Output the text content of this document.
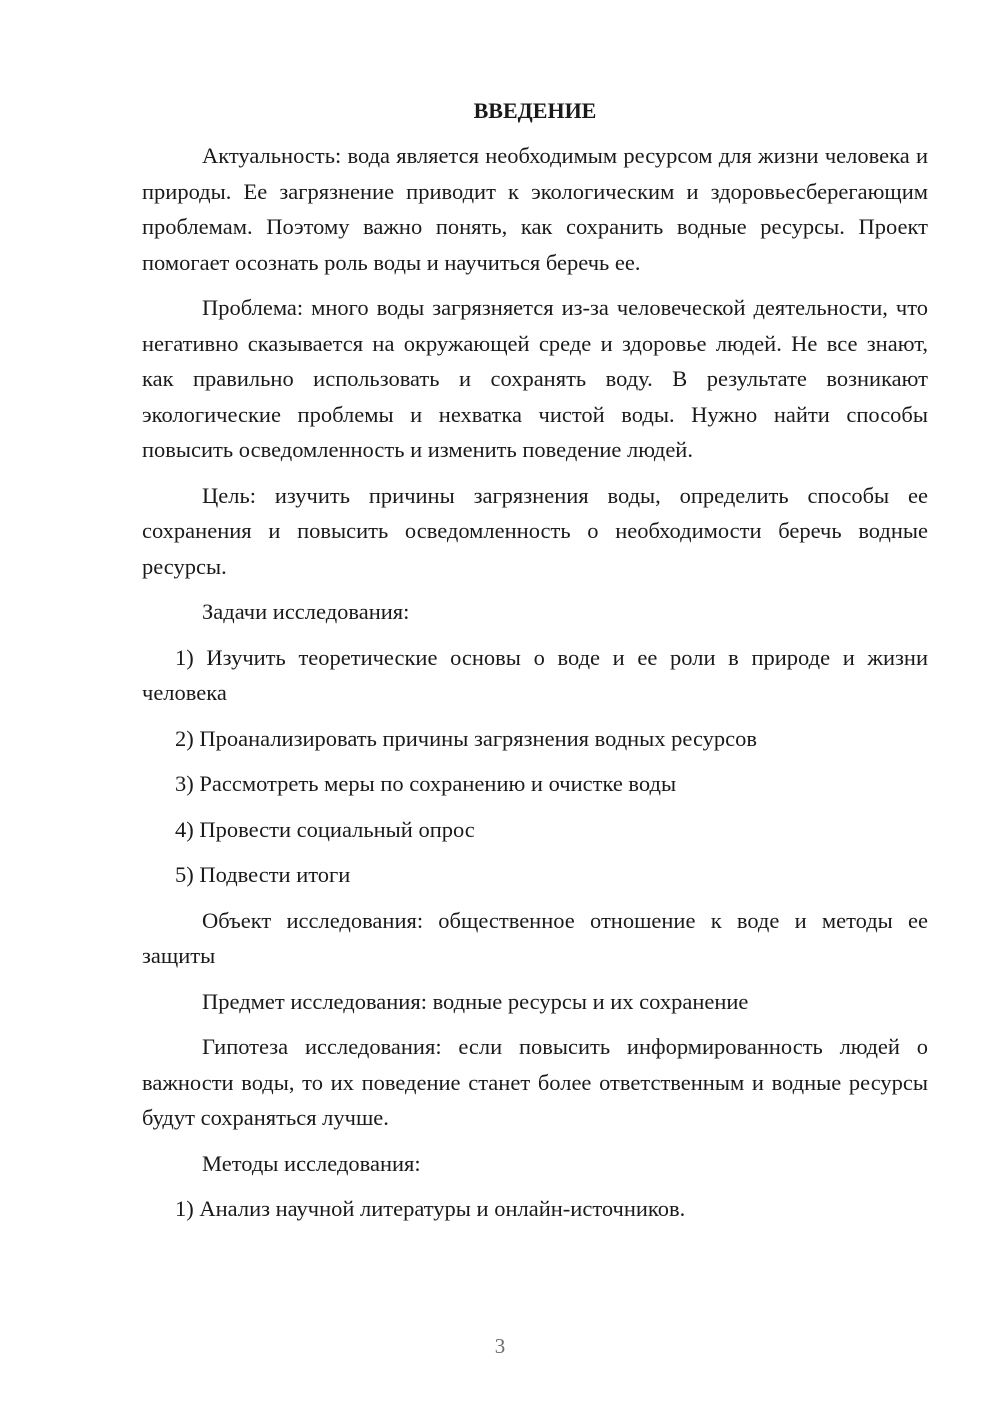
ВВЕДЕНИЕ

Актуальность: вода является необходимым ресурсом для жизни человека и природы. Ее загрязнение приводит к экологическим и здоровьесберегающим проблемам. Поэтому важно понять, как сохранить водные ресурсы. Проект помогает осознать роль воды и научиться беречь ее.

Проблема: много воды загрязняется из-за человеческой деятельности, что негативно сказывается на окружающей среде и здоровье людей. Не все знают, как правильно использовать и сохранять воду. В результате возникают экологические проблемы и нехватка чистой воды. Нужно найти способы повысить осведомленность и изменить поведение людей.

Цель: изучить причины загрязнения воды, определить способы ее сохранения и повысить осведомленность о необходимости беречь водные ресурсы.

Задачи исследования:

1) Изучить теоретические основы о воде и ее роли в природе и жизни человека

2) Проанализировать причины загрязнения водных ресурсов

3) Рассмотреть меры по сохранению и очистке воды

4) Провести социальный опрос

5) Подвести итоги

Объект исследования: общественное отношение к воде и методы ее защиты

Предмет исследования: водные ресурсы и их сохранение

Гипотеза исследования: если повысить информированность людей о важности воды, то их поведение станет более ответственным и водные ресурсы будут сохраняться лучше.

Методы исследования:

1) Анализ научной литературы и онлайн-источников.

3
